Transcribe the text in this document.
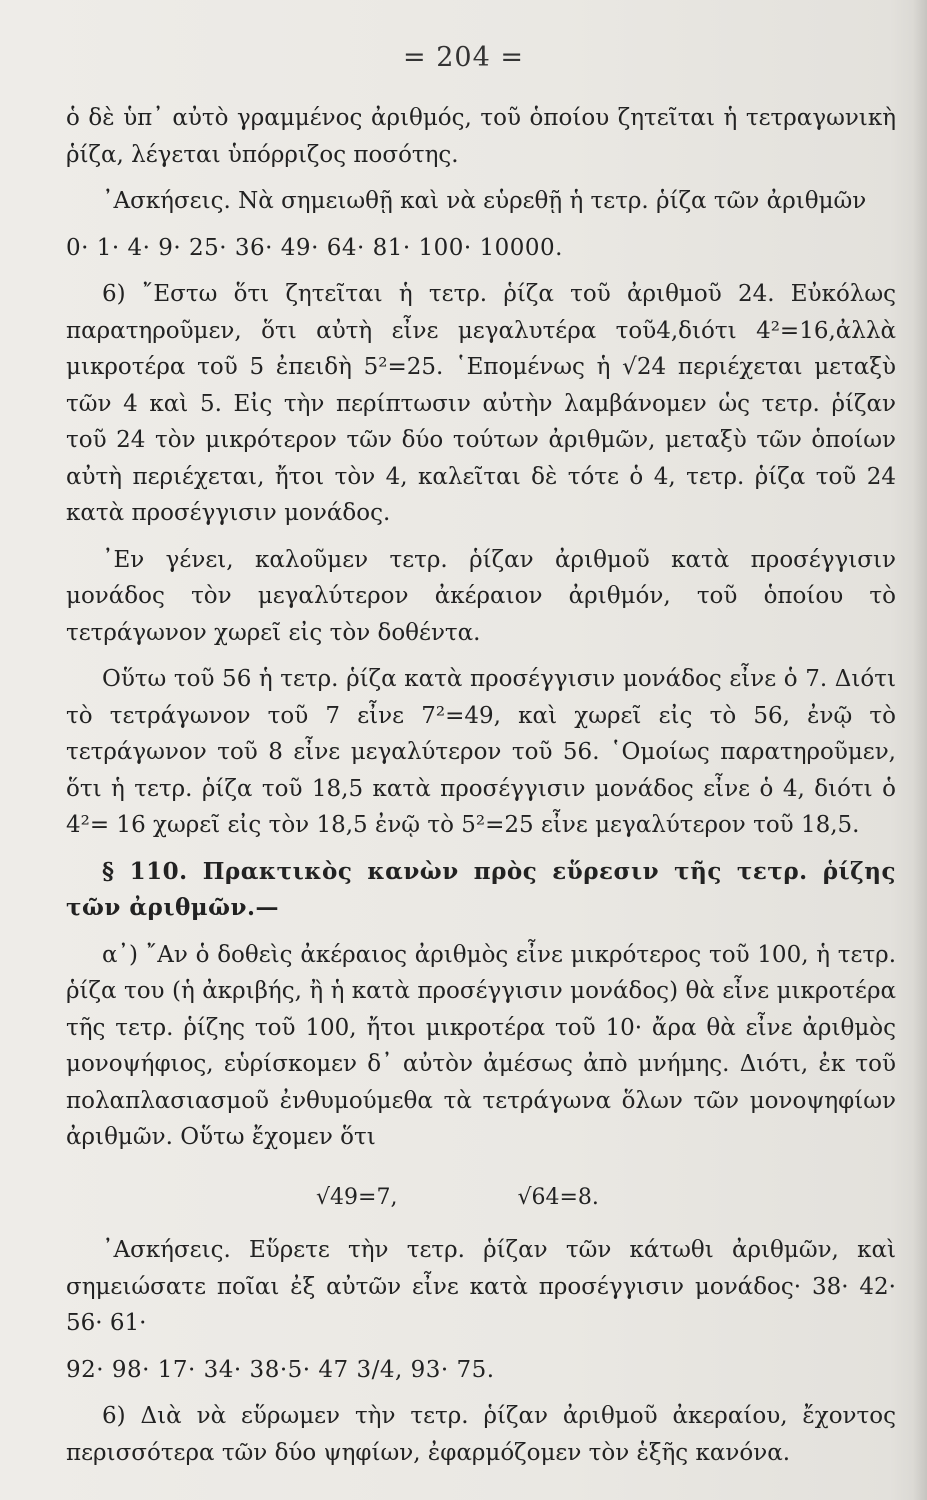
= 204 =

ὁ δὲ ὑπ᾽ αὐτὸ γραμμένος ἀριθμός, τοῦ ὁποίου ζητεῖται ἡ τετραγωνικὴ ῥίζα, λέγεται ὑπόρριζος ποσότης.

᾽Ασκήσεις. Νὰ σημειωθῇ καὶ νὰ εὑρεθῇ ἡ τετρ. ῥίζα τῶν ἀριθμῶν

0· 1· 4· 9· 25· 36· 49· 64· 81· 100· 10000.

6) ῎Εστω ὅτι ζητεῖται ἡ τετρ. ῥίζα τοῦ ἀριθμοῦ 24. Εὐκόλως παρατηροῦμεν, ὅτι αὐτὴ εἶνε μεγαλυτέρα τοῦ4,διότι 4²=16,ἀλλὰ μικροτέρα τοῦ 5 ἐπειδὴ 5²=25. ῾Επομένως ἡ √24 περιέχεται μεταξὺ τῶν 4 καὶ 5. Εἰς τὴν περίπτωσιν αὐτὴν λαμβάνομεν ὡς τετρ. ῥίζαν τοῦ 24 τὸν μικρότερον τῶν δύο τούτων ἀριθμῶν, μεταξὺ τῶν ὁποίων αὐτὴ περιέχεται, ἤτοι τὸν 4, καλεῖται δὲ τότε ὁ 4, τετρ. ῥίζα τοῦ 24 κατὰ προσέγγισιν μονάδος.

᾽Εν γένει, καλοῦμεν τετρ. ῥίζαν ἀριθμοῦ κατὰ προσέγγισιν μονάδος τὸν μεγαλύτερον ἀκέραιον ἀριθμόν, τοῦ ὁποίου τὸ τετράγωνον χωρεῖ εἰς τὸν δοθέντα.

Οὕτω τοῦ 56 ἡ τετρ. ῥίζα κατὰ προσέγγισιν μονάδος εἶνε ὁ 7. Διότι τὸ τετράγωνον τοῦ 7 εἶνε 7²=49, καὶ χωρεῖ εἰς τὸ 56, ἐνῷ τὸ τετράγωνον τοῦ 8 εἶνε μεγαλύτερον τοῦ 56. ῾Ομοίως παρατηροῦμεν, ὅτι ἡ τετρ. ῥίζα τοῦ 18,5 κατὰ προσέγγισιν μονάδος εἶνε ὁ 4, διότι ὁ 4²= 16 χωρεῖ εἰς τὸν 18,5 ἐνῷ τὸ 5²=25 εἶνε μεγαλύτερον τοῦ 18,5.

§ 110. Πρακτικὸς κανὼν πρὸς εὕρεσιν τῆς τετρ. ῥίζης τῶν ἀριθμῶν.—

α᾽) ῎Αν ὁ δοθεὶς ἀκέραιος ἀριθμὸς εἶνε μικρότερος τοῦ 100, ἡ τετρ. ῥίζα του (ἡ ἀκριβής, ἢ ἡ κατὰ προσέγγισιν μονάδος) θὰ εἶνε μικροτέρα τῆς τετρ. ῥίζης τοῦ 100, ἤτοι μικροτέρα τοῦ 10· ἄρα θὰ εἶνε ἀριθμὸς μονοψήφιος, εὑρίσκομεν δ᾽ αὐτὸν ἀμέσως ἀπὸ μνήμης. Διότι, ἐκ τοῦ πολαπλασιασμοῦ ἐνθυμούμεθα τὰ τετράγωνα ὅλων τῶν μονοψηφίων ἀριθμῶν. Οὕτω ἔχομεν ὅτι

√49=7,	√64=8.

᾽Ασκήσεις. Εὕρετε τὴν τετρ. ῥίζαν τῶν κάτωθι ἀριθμῶν, καὶ σημειώσατε ποῖαι ἐξ αὐτῶν εἶνε κατὰ προσέγγισιν μονάδος· 38· 42· 56· 61·

92· 98· 17· 34· 38·5· 47 3/4, 93· 75.

6) Διὰ νὰ εὕρωμεν τὴν τετρ. ῥίζαν ἀριθμοῦ ἀκεραίου, ἔχοντος περισσότερα τῶν δύο ψηφίων, ἐφαρμόζομεν τὸν ἑξῆς κανόνα.
